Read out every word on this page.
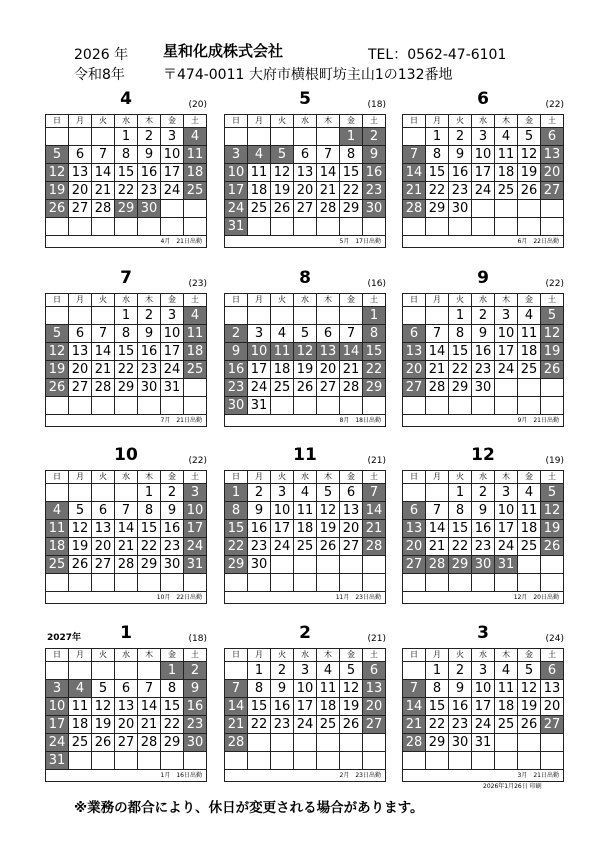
2026 年
令和8年
星和化成株式会社	TEL：0562-47-6101
〒474-0011 大府市横根町坊主山1の132番地
4	(20)
日	月	火	水	木	金	土
			1	2	3	4
5	6	7	8	9	10	11
12	13	14	15	16	17	18
19	20	21	22	23	24	25
26	27	28	29	30		

4月　21日出勤						
5	(18)
日	月	火	水	木	金	土
					1	2
3	4	5	6	7	8	9
10	11	12	13	14	15	16
17	18	19	20	21	22	23
24	25	26	27	28	29	30
31						
5月　17日出勤						
6	(22)
日	月	火	水	木	金	土
	1	2	3	4	5	6
7	8	9	10	11	12	13
14	15	16	17	18	19	20
21	22	23	24	25	26	27
28	29	30				

6月　22日出勤						
7	(23)
日	月	火	水	木	金	土
			1	2	3	4
5	6	7	8	9	10	11
12	13	14	15	16	17	18
19	20	21	22	23	24	25
26	27	28	29	30	31	

7月　21日出勤						
8	(16)
日	月	火	水	木	金	土
						1
2	3	4	5	6	7	8
9	10	11	12	13	14	15
16	17	18	19	20	21	22
23	24	25	26	27	28	29
30	31					
8月　18日出勤						
9	(22)
日	月	火	水	木	金	土
		1	2	3	4	5
6	7	8	9	10	11	12
13	14	15	16	17	18	19
20	21	22	23	24	25	26
27	28	29	30			

9月　21日出勤						
10	(22)
日	月	火	水	木	金	土
				1	2	3
4	5	6	7	8	9	10
11	12	13	14	15	16	17
18	19	20	21	22	23	24
25	26	27	28	29	30	31

10月　22日出勤						
11	(21)
日	月	火	水	木	金	土
1	2	3	4	5	6	7
8	9	10	11	12	13	14
15	16	17	18	19	20	21
22	23	24	25	26	27	28
29	30					

11月　23日出勤						
12	(19)
日	月	火	水	木	金	土
		1	2	3	4	5
6	7	8	9	10	11	12
13	14	15	16	17	18	19
20	21	22	23	24	25	26
27	28	29	30	31		

12月　20日出勤						
2027年	1	(18)
日	月	火	水	木	金	土
					1	2
3	4	5	6	7	8	9
10	11	12	13	14	15	16
17	18	19	20	21	22	23
24	25	26	27	28	29	30
31						
1月　16日出勤						
2	(21)
日	月	火	水	木	金	土
	1	2	3	4	5	6
7	8	9	10	11	12	13
14	15	16	17	18	19	20
21	22	23	24	25	26	27
28						

2月　23日出勤						
3	(24)
日	月	火	水	木	金	土
	1	2	3	4	5	6
7	8	9	10	11	12	13
14	15	16	17	18	19	20
21	22	23	24	25	26	27
28	29	30	31			

3月　21日出勤						
2026年1月26日 印刷
※業務の都合により、休日が変更される場合があります。
